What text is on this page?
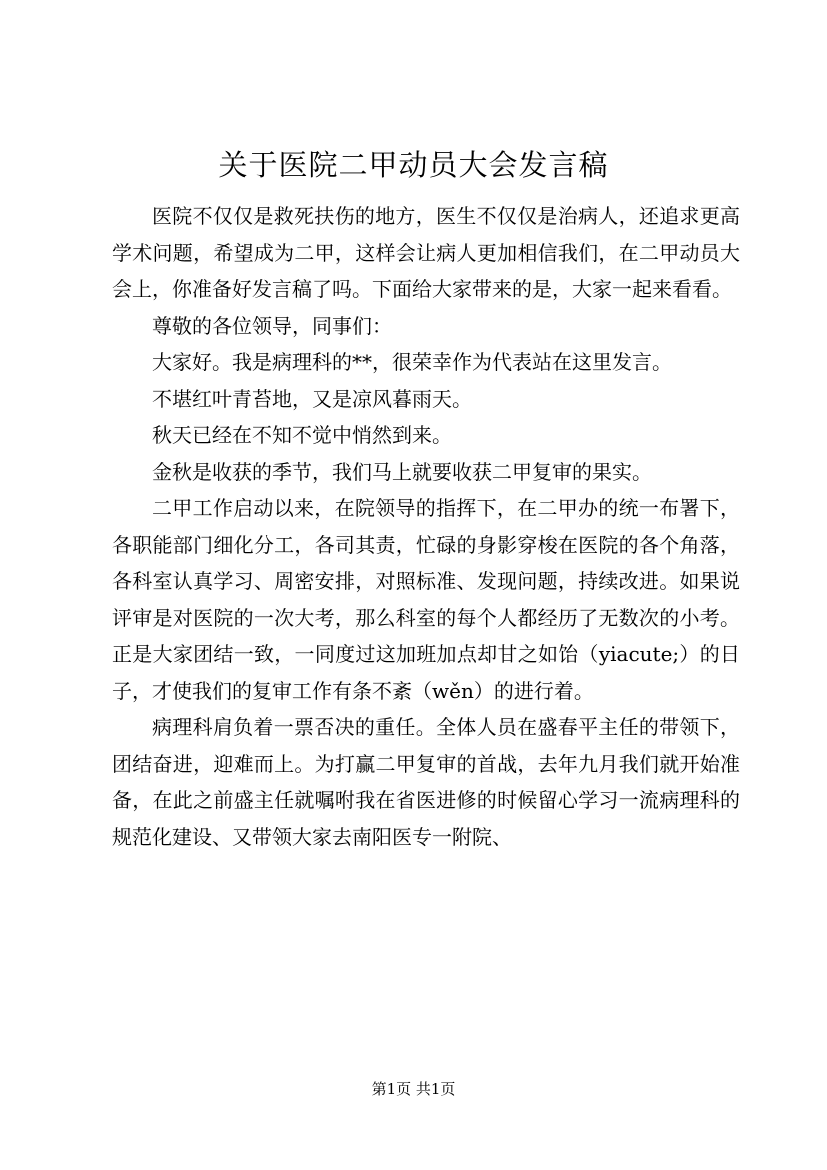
关于医院二甲动员大会发言稿

医院不仅仅是救死扶伤的地方，医生不仅仅是治病人，还追求更高学术问题，希望成为二甲，这样会让病人更加相信我们，在二甲动员大会上，你准备好发言稿了吗。下面给大家带来的是，大家一起来看看。

尊敬的各位领导，同事们：

大家好。我是病理科的**，很荣幸作为代表站在这里发言。

不堪红叶青苔地，又是凉风暮雨天。

秋天已经在不知不觉中悄然到来。

金秋是收获的季节，我们马上就要收获二甲复审的果实。

二甲工作启动以来，在院领导的指挥下，在二甲办的统一布署下，各职能部门细化分工，各司其责，忙碌的身影穿梭在医院的各个角落，各科室认真学习、周密安排，对照标准、发现问题，持续改进。如果说评审是对医院的一次大考，那么科室的每个人都经历了无数次的小考。正是大家团结一致，一同度过这加班加点却甘之如饴（yiacute;）的日子，才使我们的复审工作有条不紊（wěn）的进行着。

病理科肩负着一票否决的重任。全体人员在盛春平主任的带领下，团结奋进，迎难而上。为打赢二甲复审的首战，去年九月我们就开始准备，在此之前盛主任就嘱咐我在省医进修的时候留心学习一流病理科的规范化建设、又带领大家去南阳医专一附院、

第1页 共1页
